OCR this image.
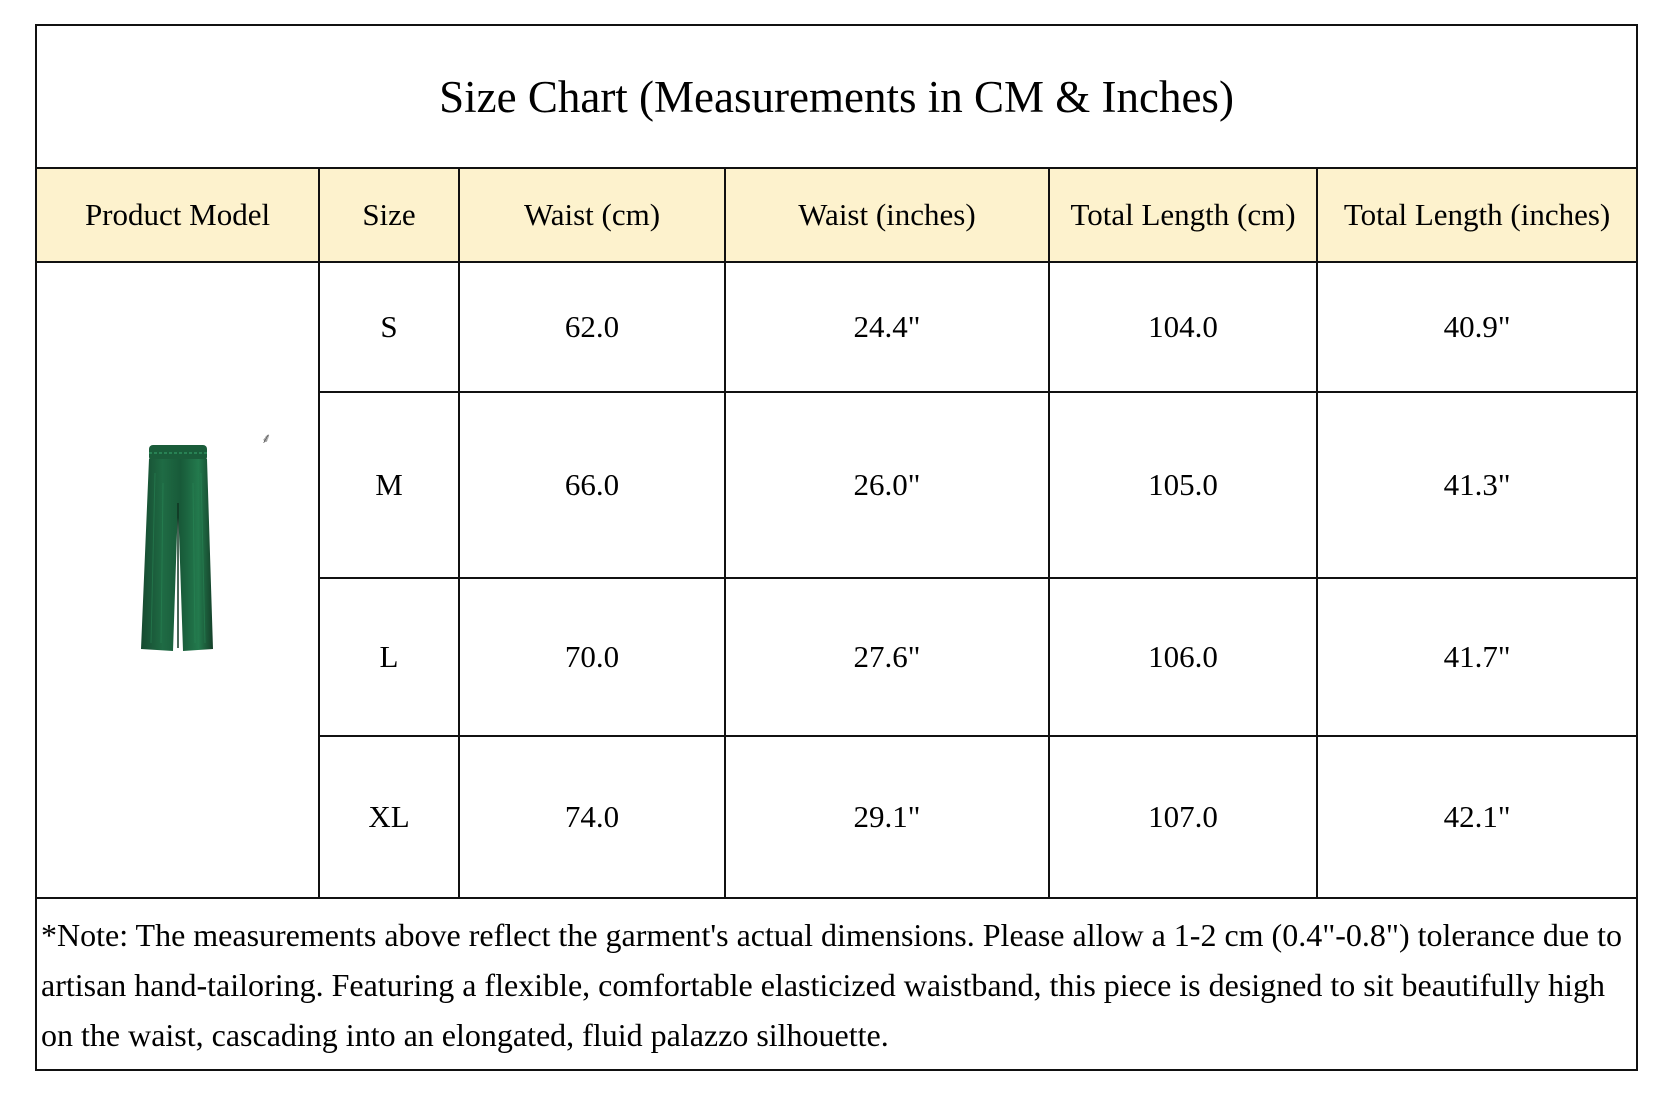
Size Chart (Measurements in CM & Inches)					
Product Model	Size	Waist (cm)	Waist (inches)	Total Length (cm)	Total Length (inches)

⸙	S	62.0	24.4"	104.0	40.9"
	M	66.0	26.0"	105.0	41.3"
	L	70.0	27.6"	106.0	41.7"
	XL	74.0	29.1"	107.0	42.1"
*Note: The measurements above reflect the garment's actual dimensions. Please allow a 1-2 cm (0.4"-0.8") tolerance due to artisan hand-tailoring. Featuring a flexible, comfortable elasticized waistband, this piece is designed to sit beautifully high on the waist, cascading into an elongated, fluid palazzo silhouette.					
